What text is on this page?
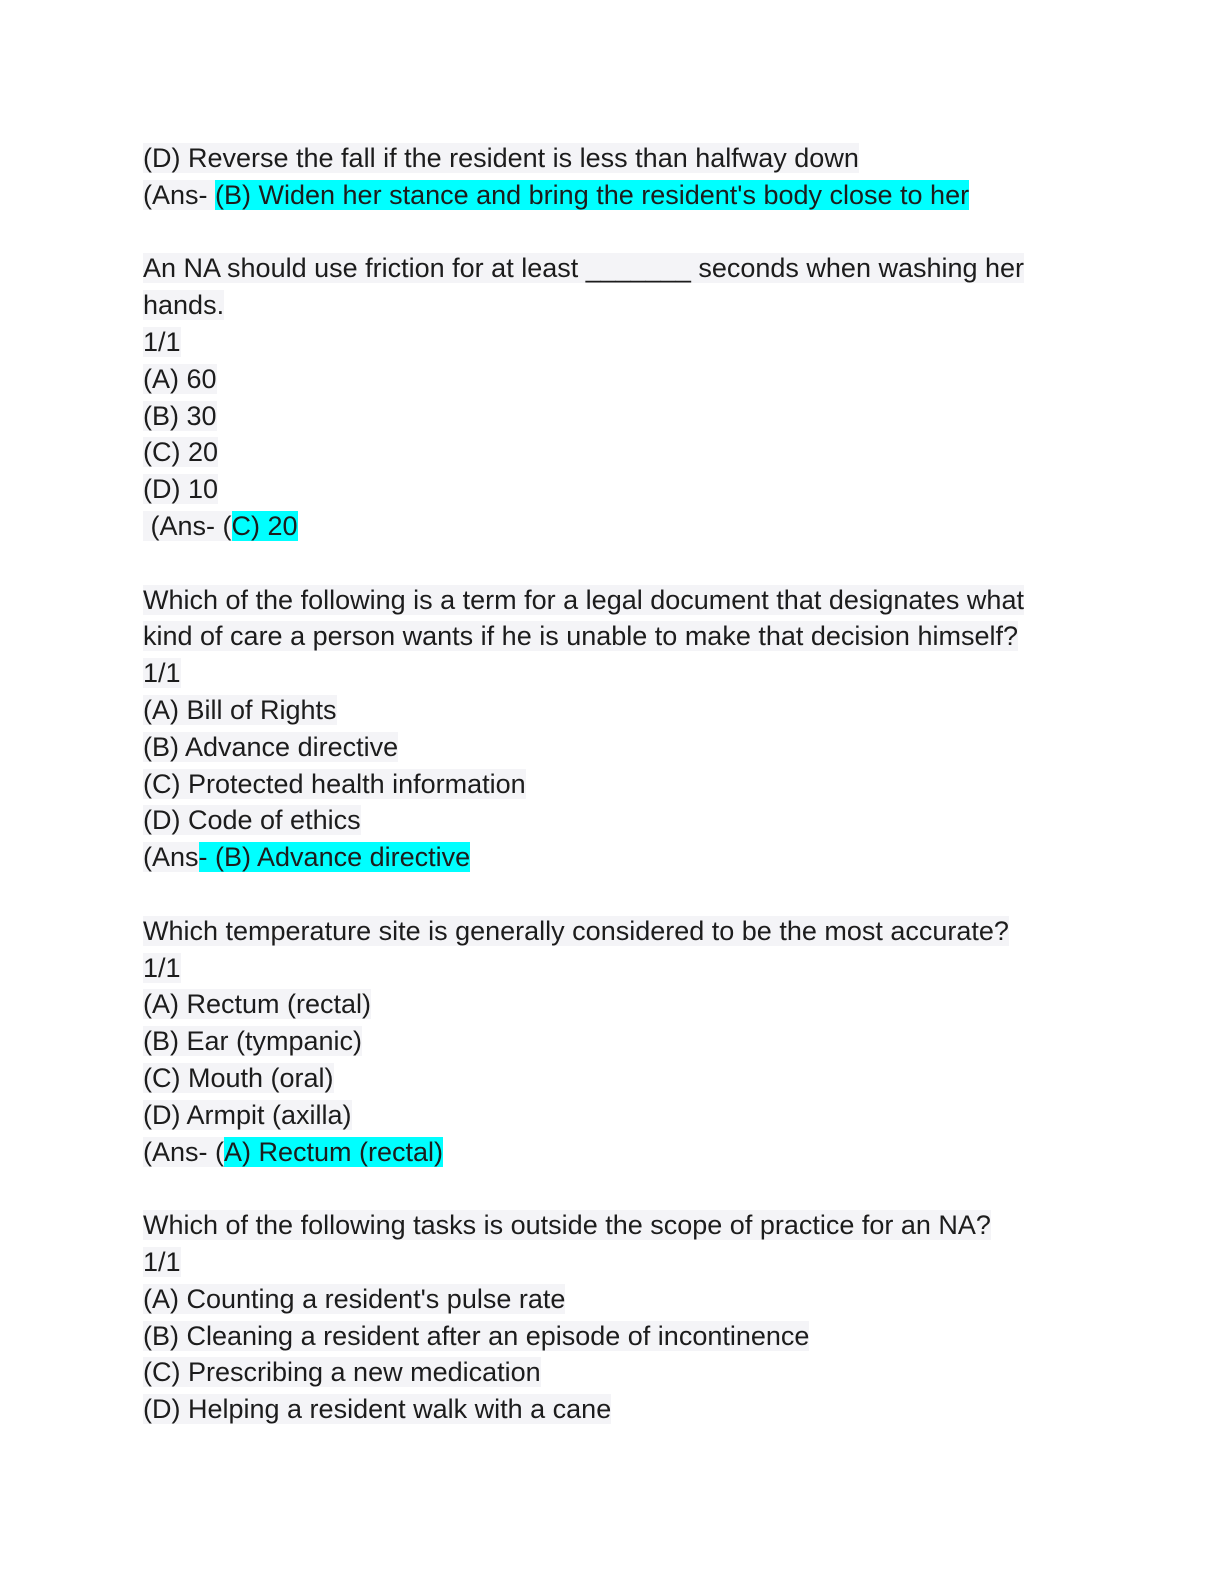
(D) Reverse the fall if the resident is less than halfway down
(Ans- (B) Widen her stance and bring the resident's body close to her
An NA should use friction for at least _______ seconds when washing her
hands.
1/1
(A) 60
(B) 30
(C) 20
(D) 10
(Ans- (C) 20
Which of the following is a term for a legal document that designates what
kind of care a person wants if he is unable to make that decision himself?
1/1
(A) Bill of Rights
(B) Advance directive
(C) Protected health information
(D) Code of ethics
(Ans- (B) Advance directive
Which temperature site is generally considered to be the most accurate?
1/1
(A) Rectum (rectal)
(B) Ear (tympanic)
(C) Mouth (oral)
(D) Armpit (axilla)
(Ans- (A) Rectum (rectal)
Which of the following tasks is outside the scope of practice for an NA?
1/1
(A) Counting a resident's pulse rate
(B) Cleaning a resident after an episode of incontinence
(C) Prescribing a new medication
(D) Helping a resident walk with a cane
